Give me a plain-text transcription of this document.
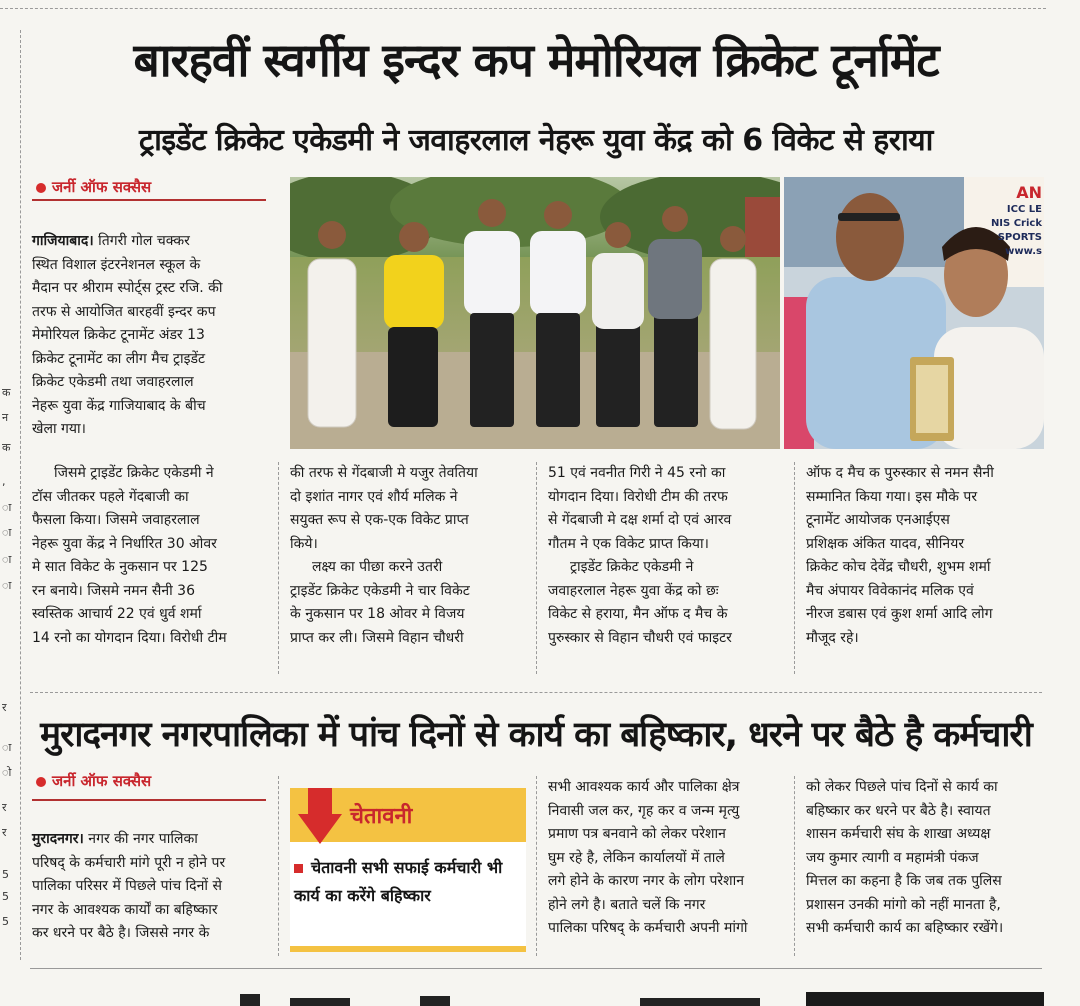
क
न
क
,
ा
ा
ा
ा
र
ा
ो
र
र
5
5
5
बारहवीं स्वर्गीय इन्दर कप मेमोरियल क्रिकेट टूर्नामेंट
ट्राइडेंट क्रिकेट एकेडमी ने जवाहरलाल नेहरू युवा केंद्र को 6 विकेट से हराया
जर्नी ऑफ सक्सैस

गाजियाबाद। तिगरी गोल चक्कर

स्थित विशाल इंटरनेशनल स्कूल के

मैदान पर श्रीराम स्पोर्ट्स ट्रस्ट रजि. की

तरफ से आयोजित बारहवीं इन्दर कप

मेमोरियल क्रिकेट टूनामेंट अंडर 13

क्रिकेट टूनामेंट का लीग मैच ट्राइडेंट

क्रिकेट एकेडमी तथा जवाहरलाल

नेहरू युवा केंद्र गाजियाबाद के बीच

खेला गया।

AN
ICC LE
NIS Crick
SPORTS
www.s

जिसमे ट्राइडेंट क्रिकेट एकेडमी ने

टॉस जीतकर पहले गेंदबाजी का

फैसला किया। जिसमे जवाहरलाल

नेहरू युवा केंद्र ने निर्धारित 30 ओवर

मे सात विकेट के नुकसान पर 125

रन बनाये। जिसमे नमन सैनी 36

स्वस्तिक आचार्य 22 एवं धुर्व शर्मा

14 रनो का योगदान दिया। विरोधी टीम

की तरफ से गेंदबाजी मे यजुर तेवतिया

दो इशांत नागर एवं शौर्य मलिक ने

सयुक्त रूप से एक-एक विकेट प्राप्त

किये।

लक्ष्य का पीछा करने उतरी

ट्राइडेंट क्रिकेट एकेडमी ने चार विकेट

के नुकसान पर 18 ओवर मे विजय

प्राप्त कर ली। जिसमे विहान चौधरी

51 एवं नवनीत गिरी ने 45 रनो का

योगदान दिया। विरोधी टीम की तरफ

से गेंदबाजी मे दक्ष शर्मा दो एवं आरव

गौतम ने एक विकेट प्राप्त किया।

ट्राइडेंट क्रिकेट एकेडमी ने

जवाहरलाल नेहरू युवा केंद्र को छः

विकेट से हराया, मैन ऑफ द मैच के

पुरुस्कार से विहान चौधरी एवं फाइटर

ऑफ द मैच क पुरुस्कार से नमन सैनी

सम्मानित किया गया। इस मौके पर

टूनामेंट आयोजक एनआईएस

प्रशिक्षक अंकित यादव, सीनियर

क्रिकेट कोच देवेंद्र चौधरी, शुभम शर्मा

मैच अंपायर विवेकानंद मलिक एवं

नीरज डबास एवं कुश शर्मा आदि लोग

मौजूद रहे।

मुरादनगर नगरपालिका में पांच दिनों से कार्य का बहिष्कार, धरने पर बैठे है कर्मचारी
जर्नी ऑफ सक्सैस

मुरादनगर। नगर की नगर पालिका

परिषद् के कर्मचारी मांगे पूरी न होने पर

पालिका परिसर में पिछले पांच दिनों से

नगर के आवश्यक कार्यों का बहिष्कार

कर धरने पर बैठे है। जिससे नगर के

चेतावनी
चेतावनी सभी सफाई कर्मचारी भी कार्य का करेंगे बहिष्कार

सभी आवश्यक कार्य और पालिका क्षेत्र

निवासी जल कर, गृह कर व जन्म मृत्यु

प्रमाण पत्र बनवाने को लेकर परेशान

घुम रहे है, लेकिन कार्यालयों में ताले

लगे होने के कारण नगर के लोग परेशान

होने लगे है। बताते चलें कि नगर

पालिका परिषद् के कर्मचारी अपनी मांगो

को लेकर पिछले पांच दिनों से कार्य का

बहिष्कार कर धरने पर बैठे है। स्वायत

शासन कर्मचारी संघ के शाखा अध्यक्ष

जय कुमार त्यागी व महामंत्री पंकज

मित्तल का कहना है कि जब तक पुलिस

प्रशासन उनकी मांगो को नहीं मानता है,

सभी कर्मचारी कार्य का बहिष्कार रखेंगे।
